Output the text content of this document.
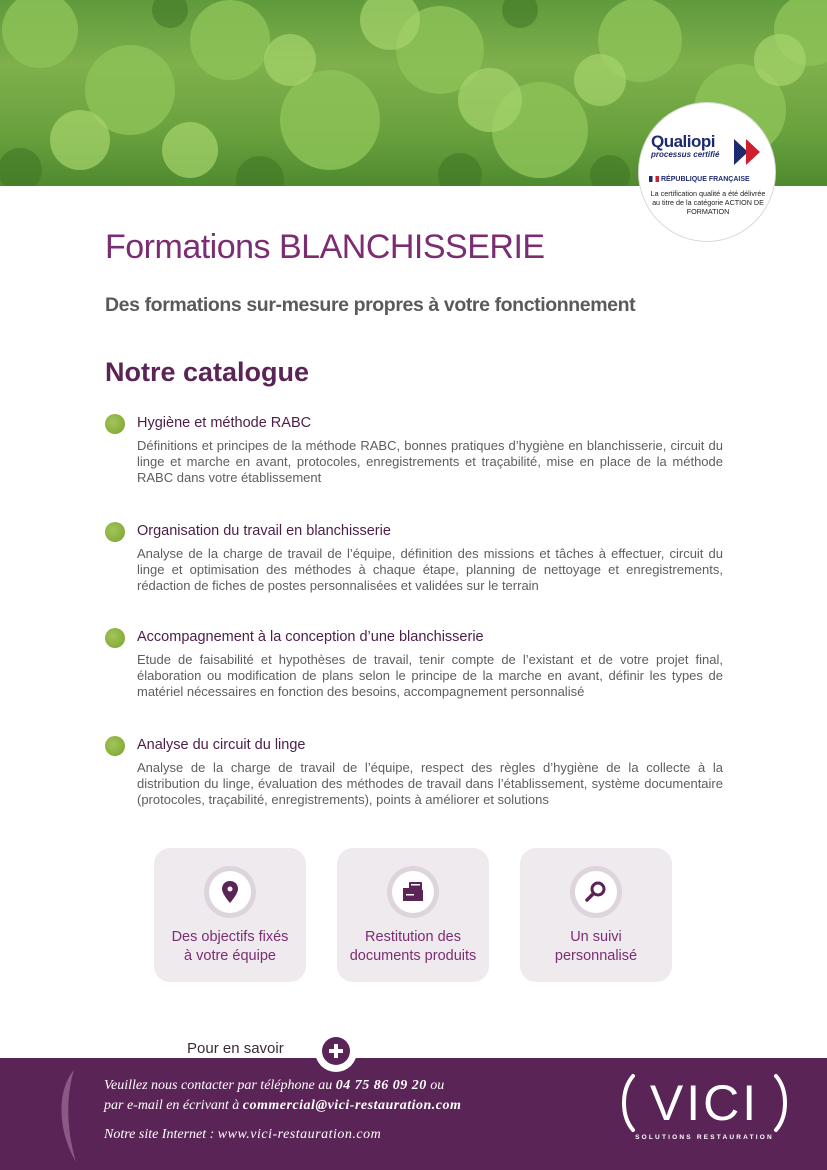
Qualiopi
processus certifié
RÉPUBLIQUE FRANÇAISE
La certification qualité a été délivrée au titre de la catégorie ACTION DE FORMATION
Formations BLANCHISSERIE
Des formations sur-mesure propres à votre fonctionnement
Notre catalogue
Hygiène et méthode RABC

Définitions et principes de la méthode RABC, bonnes pratiques d’hygiène en blanchisserie, circuit du linge et marche en avant, protocoles, enregistrements et traçabilité, mise en place de la méthode RABC dans votre établissement

Organisation du travail en blanchisserie

Analyse de la charge de travail de l’équipe, définition des missions et tâches à effectuer, circuit du linge et optimisation des méthodes à chaque étape, planning de nettoyage et enregistrements, rédaction de fiches de postes personnalisées et validées sur le terrain

Accompagnement à la conception d’une blanchisserie

Etude de faisabilité et hypothèses de travail, tenir compte de l’existant et de votre projet final, élaboration ou modification de plans selon le principe de la marche en avant, définir les types de matériel nécessaires en fonction des besoins, accompagnement personnalisé

Analyse du circuit du linge

Analyse de la charge de travail de l’équipe, respect des règles d’hygiène de la collecte à la distribution du linge, évaluation des méthodes de travail dans l’établissement, système documentaire (protocoles, traçabilité, enregistrements), points à améliorer et solutions

Des objectifs fixés
à votre équipe
Restitution des
documents produits
Un suivi
personnalisé
Pour en savoir
Veuillez nous contacter par téléphone au 04 75 86 09 20 ou
par e-mail en écrivant à commercial@vici-restauration.com
Notre site Internet : www.vici-restauration.com
VICI
SOLUTIONS RESTAURATION
